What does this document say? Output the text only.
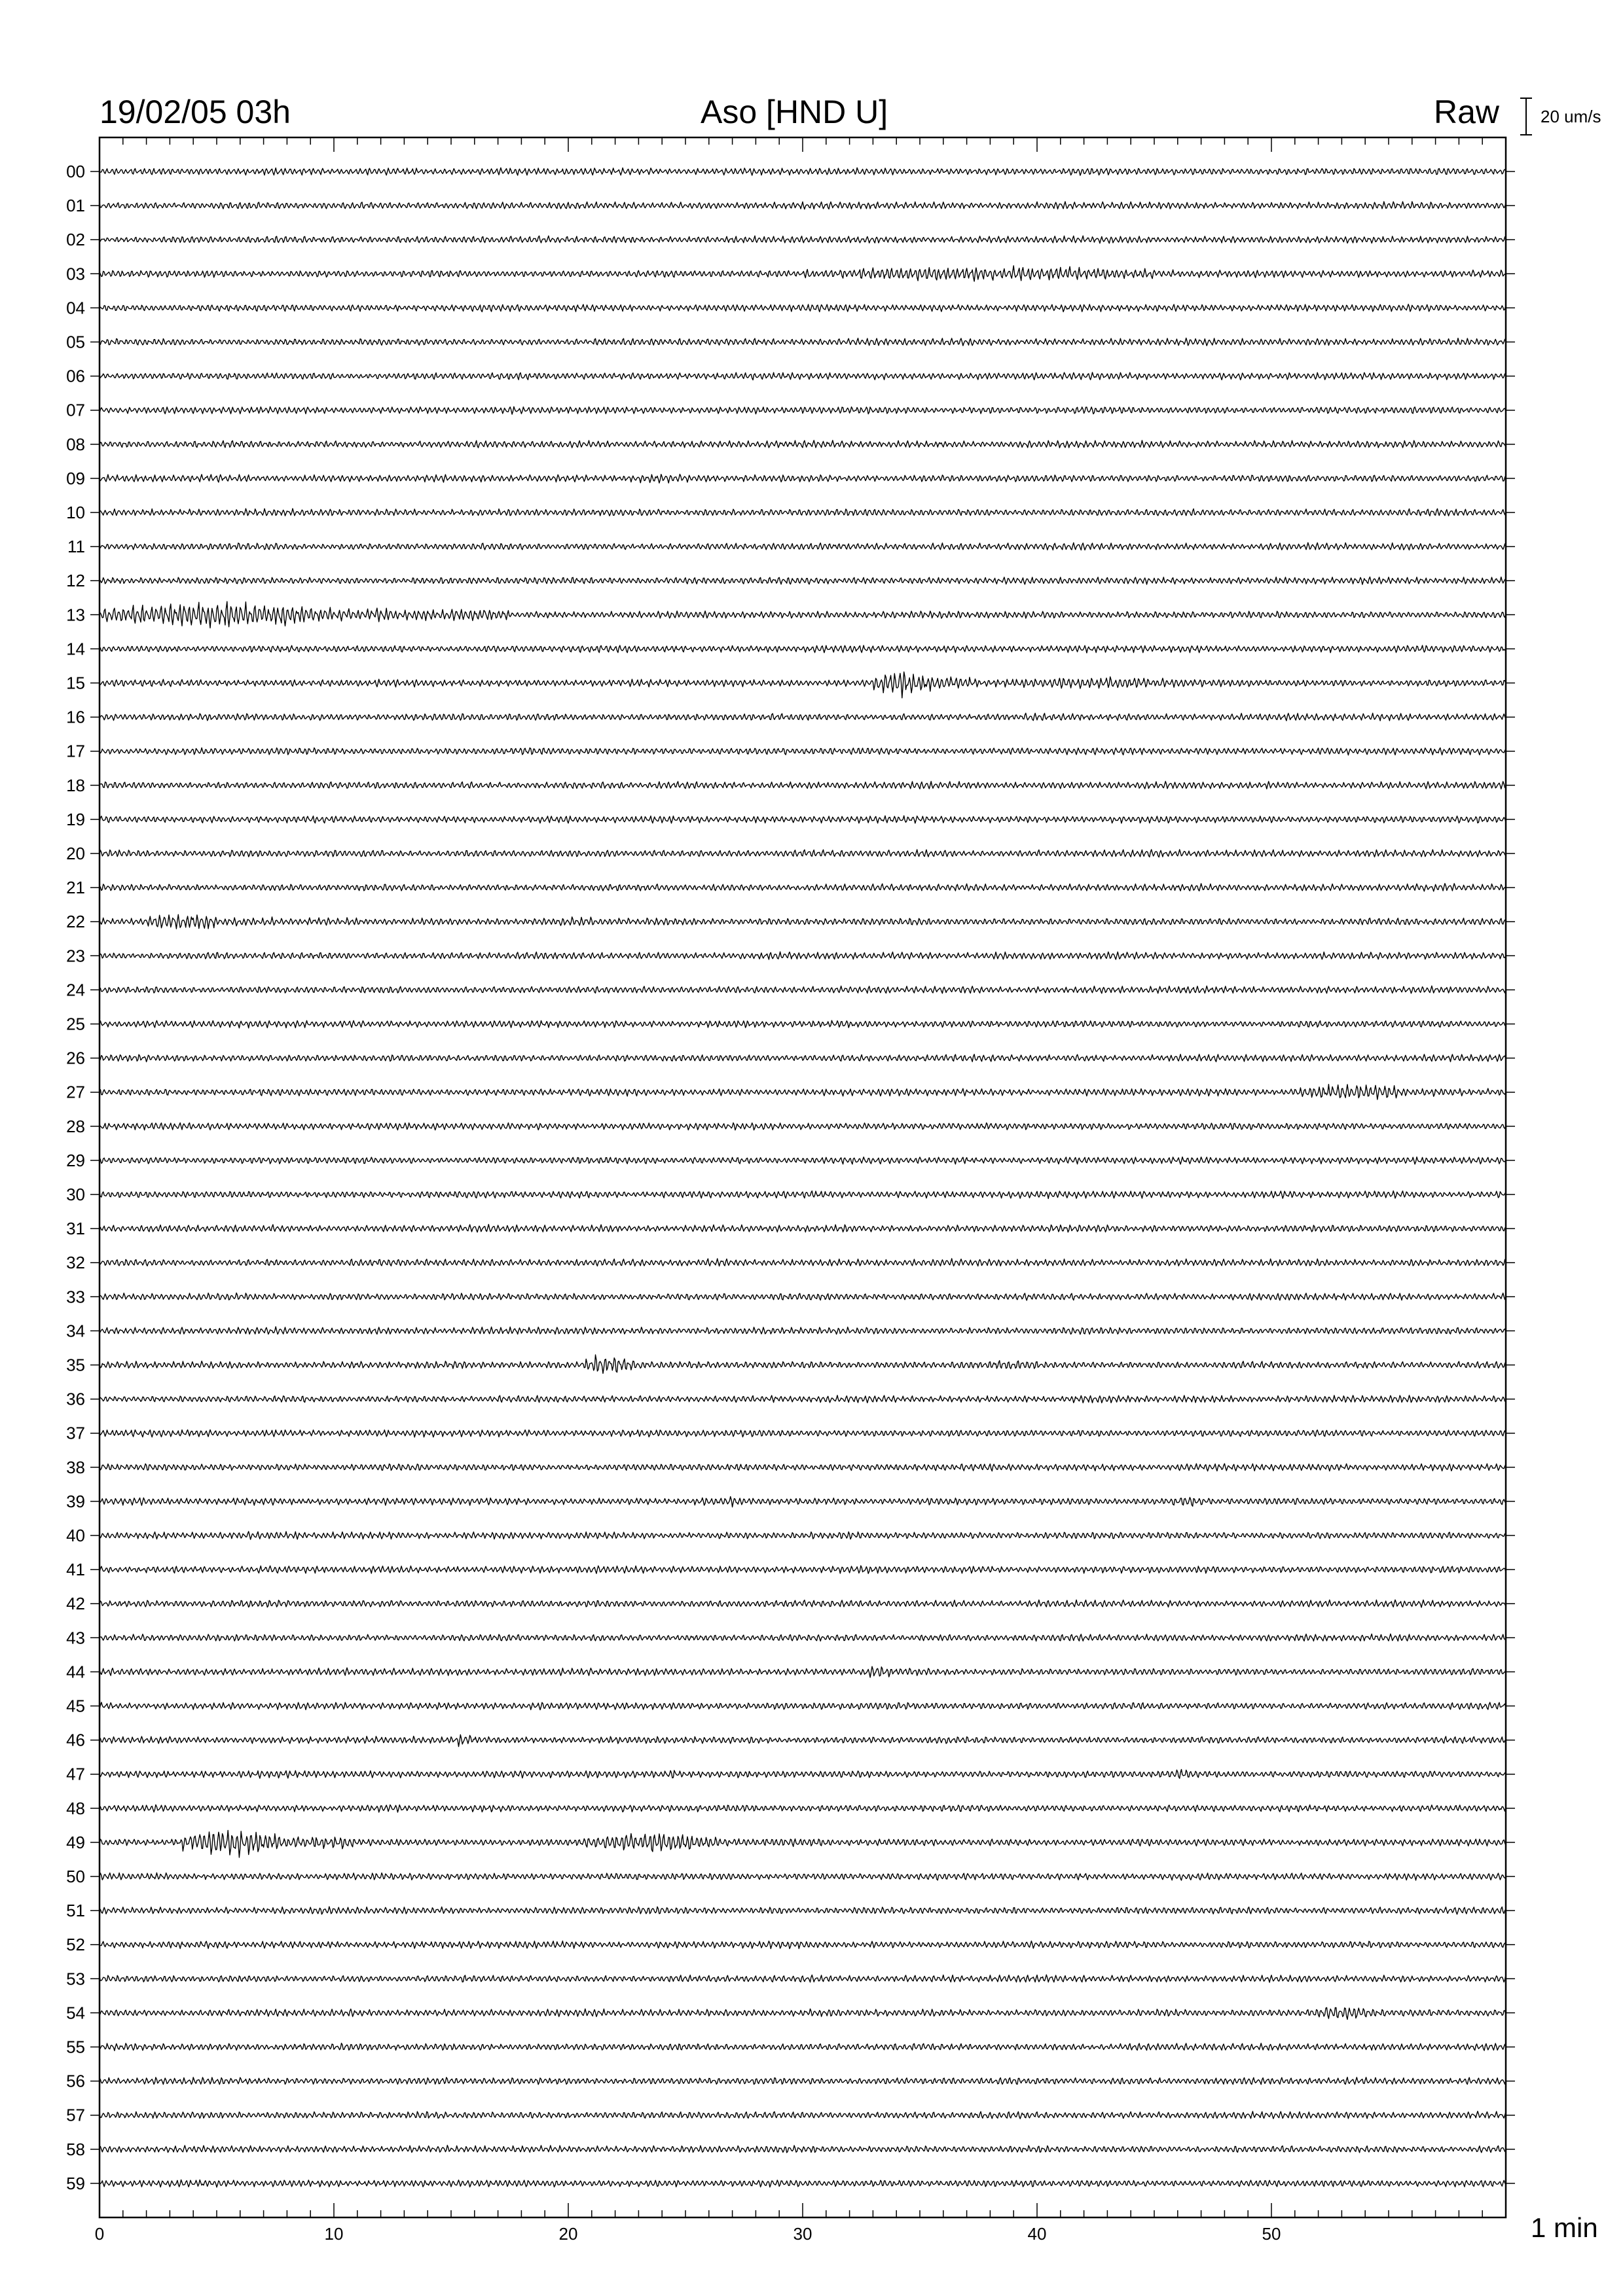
19/02/05 03h	Aso [HND U]	Raw 20 um/s
1 min
0	10	20	30	40	50
00
01
02
03
04
05
06
07
08
09
10
11
12
13
14
15
16
17
18
19
20
21
22
23
24
25
26
27
28
29
30
31
32
33
34
35
36
37
38
39
40
41
42
43
44
45
46
47
48
49
50
51
52
53
54
55
56
57
58
59
